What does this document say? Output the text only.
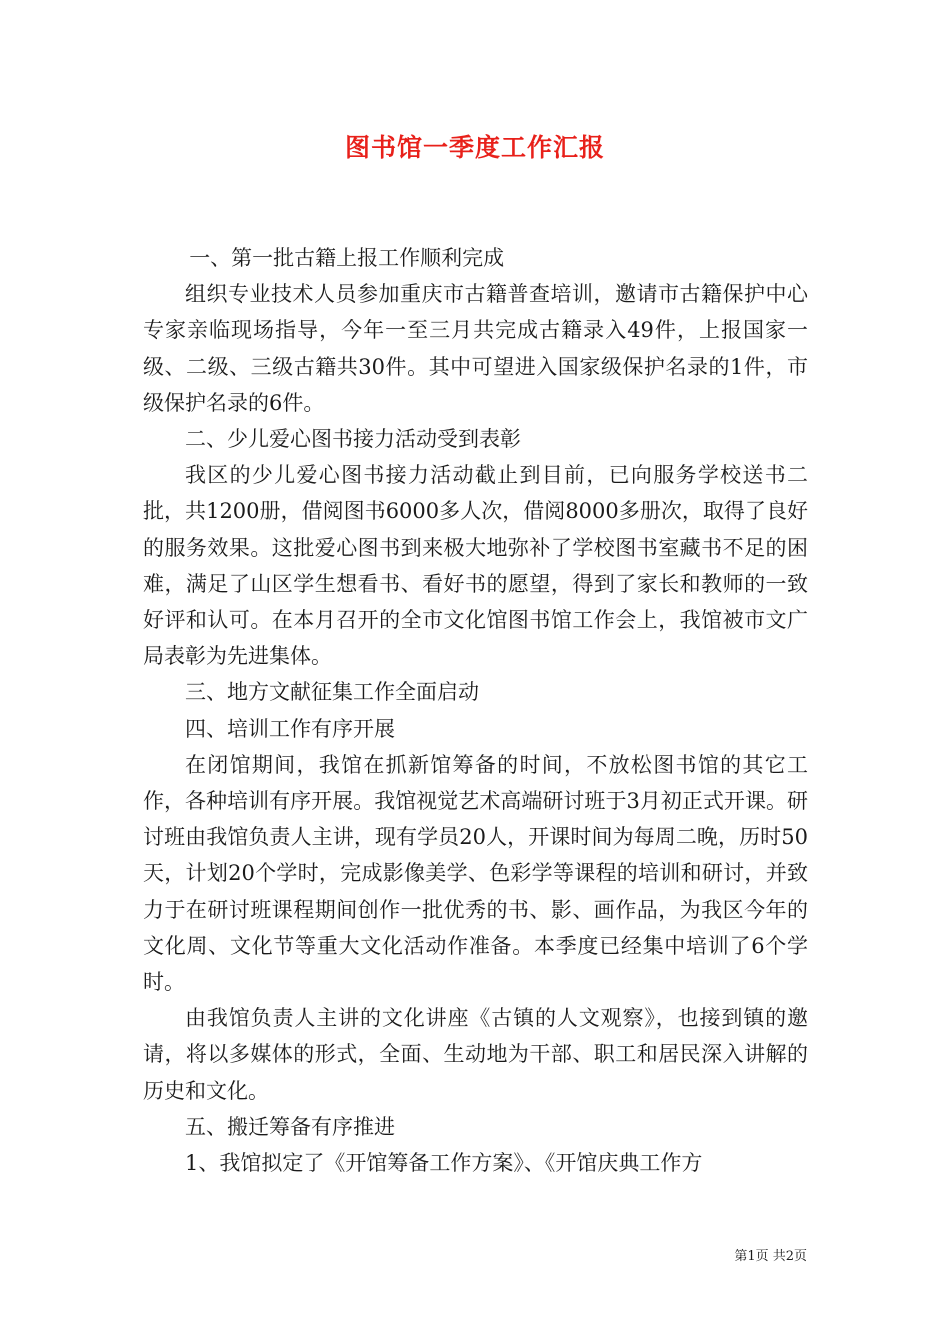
图书馆一季度工作汇报

一、第一批古籍上报工作顺利完成

组织专业技术人员参加重庆市古籍普查培训，邀请市古籍保护中心专家亲临现场指导，今年一至三月共完成古籍录入49件，上报国家一级、二级、三级古籍共30件。其中可望进入国家级保护名录的1件，市级保护名录的6件。

二、少儿爱心图书接力活动受到表彰

我区的少儿爱心图书接力活动截止到目前，已向服务学校送书二批，共1200册，借阅图书6000多人次，借阅8000多册次，取得了良好的服务效果。这批爱心图书到来极大地弥补了学校图书室藏书不足的困难，满足了山区学生想看书、看好书的愿望，得到了家长和教师的一致好评和认可。在本月召开的全市文化馆图书馆工作会上，我馆被市文广局表彰为先进集体。

三、地方文献征集工作全面启动

四、培训工作有序开展

在闭馆期间，我馆在抓新馆筹备的时间，不放松图书馆的其它工作，各种培训有序开展。我馆视觉艺术高端研讨班于3月初正式开课。研讨班由我馆负责人主讲，现有学员20人，开课时间为每周二晚，历时50天，计划20个学时，完成影像美学、色彩学等课程的培训和研讨，并致力于在研讨班课程期间创作一批优秀的书、影、画作品，为我区今年的文化周、文化节等重大文化活动作准备。本季度已经集中培训了6个学时。

由我馆负责人主讲的文化讲座《古镇的人文观察》，也接到镇的邀请，将以多媒体的形式，全面、生动地为干部、职工和居民深入讲解的历史和文化。

五、搬迁筹备有序推进

1、我馆拟定了《开馆筹备工作方案》、《开馆庆典工作方

第1页 共2页
